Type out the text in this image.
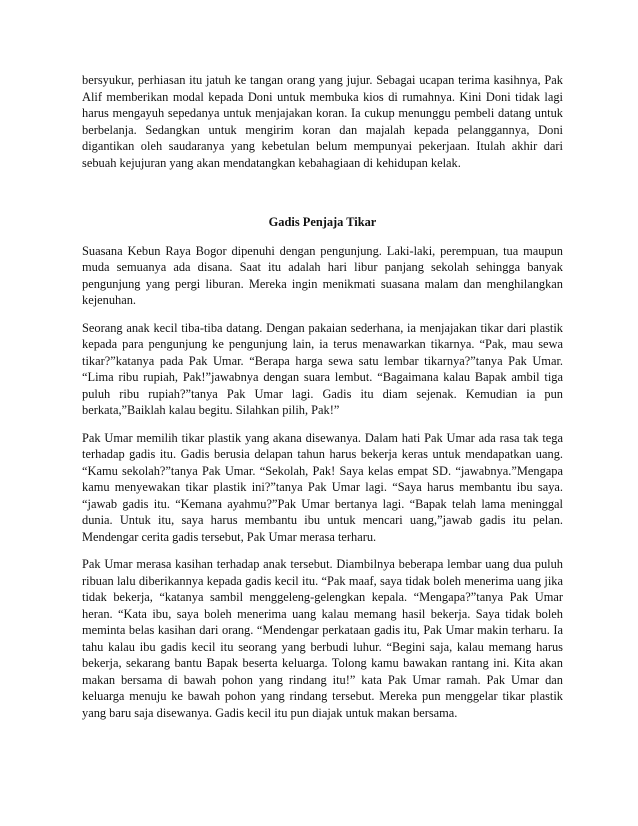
bersyukur, perhiasan itu jatuh ke tangan orang yang jujur. Sebagai ucapan terima kasihnya, Pak Alif memberikan modal kepada Doni untuk membuka kios di rumahnya. Kini Doni tidak lagi harus mengayuh sepedanya untuk menjajakan koran. Ia cukup menunggu pembeli datang untuk berbelanja. Sedangkan untuk mengirim koran dan majalah kepada pelanggannya, Doni digantikan oleh saudaranya yang kebetulan belum mempunyai pekerjaan. Itulah akhir dari sebuah kejujuran yang akan mendatangkan kebahagiaan di kehidupan kelak.

Gadis Penjaja Tikar

Suasana Kebun Raya Bogor dipenuhi dengan pengunjung. Laki-laki, perempuan, tua maupun muda semuanya ada disana. Saat itu adalah hari libur panjang sekolah sehingga banyak pengunjung yang pergi liburan. Mereka ingin menikmati suasana malam dan menghilangkan kejenuhan.

Seorang anak kecil tiba-tiba datang. Dengan pakaian sederhana, ia menjajakan tikar dari plastik kepada para pengunjung ke pengunjung lain, ia terus menawarkan tikarnya. “Pak, mau sewa tikar?”katanya pada Pak Umar. “Berapa harga sewa satu lembar tikarnya?”tanya Pak Umar. “Lima ribu rupiah, Pak!”jawabnya dengan suara lembut. “Bagaimana kalau Bapak ambil tiga puluh ribu rupiah?”tanya Pak Umar lagi. Gadis itu diam sejenak. Kemudian ia pun berkata,”Baiklah kalau begitu. Silahkan pilih, Pak!”

Pak Umar memilih tikar plastik yang akana disewanya. Dalam hati Pak Umar ada rasa tak tega terhadap gadis itu. Gadis berusia delapan tahun harus bekerja keras untuk mendapatkan uang. “Kamu sekolah?”tanya Pak Umar. “Sekolah, Pak! Saya kelas empat SD. “jawabnya.”Mengapa kamu menyewakan tikar plastik ini?”tanya Pak Umar lagi. “Saya harus membantu ibu saya. “jawab gadis itu. “Kemana ayahmu?”Pak Umar bertanya lagi. “Bapak telah lama meninggal dunia. Untuk itu, saya harus membantu ibu untuk mencari uang,”jawab gadis itu pelan. Mendengar cerita gadis tersebut, Pak Umar merasa terharu.

Pak Umar merasa kasihan terhadap anak tersebut. Diambilnya beberapa lembar uang dua puluh ribuan lalu diberikannya kepada gadis kecil itu. “Pak maaf, saya tidak boleh menerima uang jika tidak bekerja, “katanya sambil menggeleng-gelengkan kepala. “Mengapa?”tanya Pak Umar heran. “Kata ibu, saya boleh menerima uang kalau memang hasil bekerja. Saya tidak boleh meminta belas kasihan dari orang. “Mendengar perkataan gadis itu, Pak Umar makin terharu. Ia tahu kalau ibu gadis kecil itu seorang yang berbudi luhur. “Begini saja, kalau memang harus bekerja, sekarang bantu Bapak beserta keluarga. Tolong kamu bawakan rantang ini. Kita akan makan bersama di bawah pohon yang rindang itu!” kata Pak Umar ramah. Pak Umar dan keluarga menuju ke bawah pohon yang rindang tersebut. Mereka pun menggelar tikar plastik yang baru saja disewanya. Gadis kecil itu pun diajak untuk makan bersama.
